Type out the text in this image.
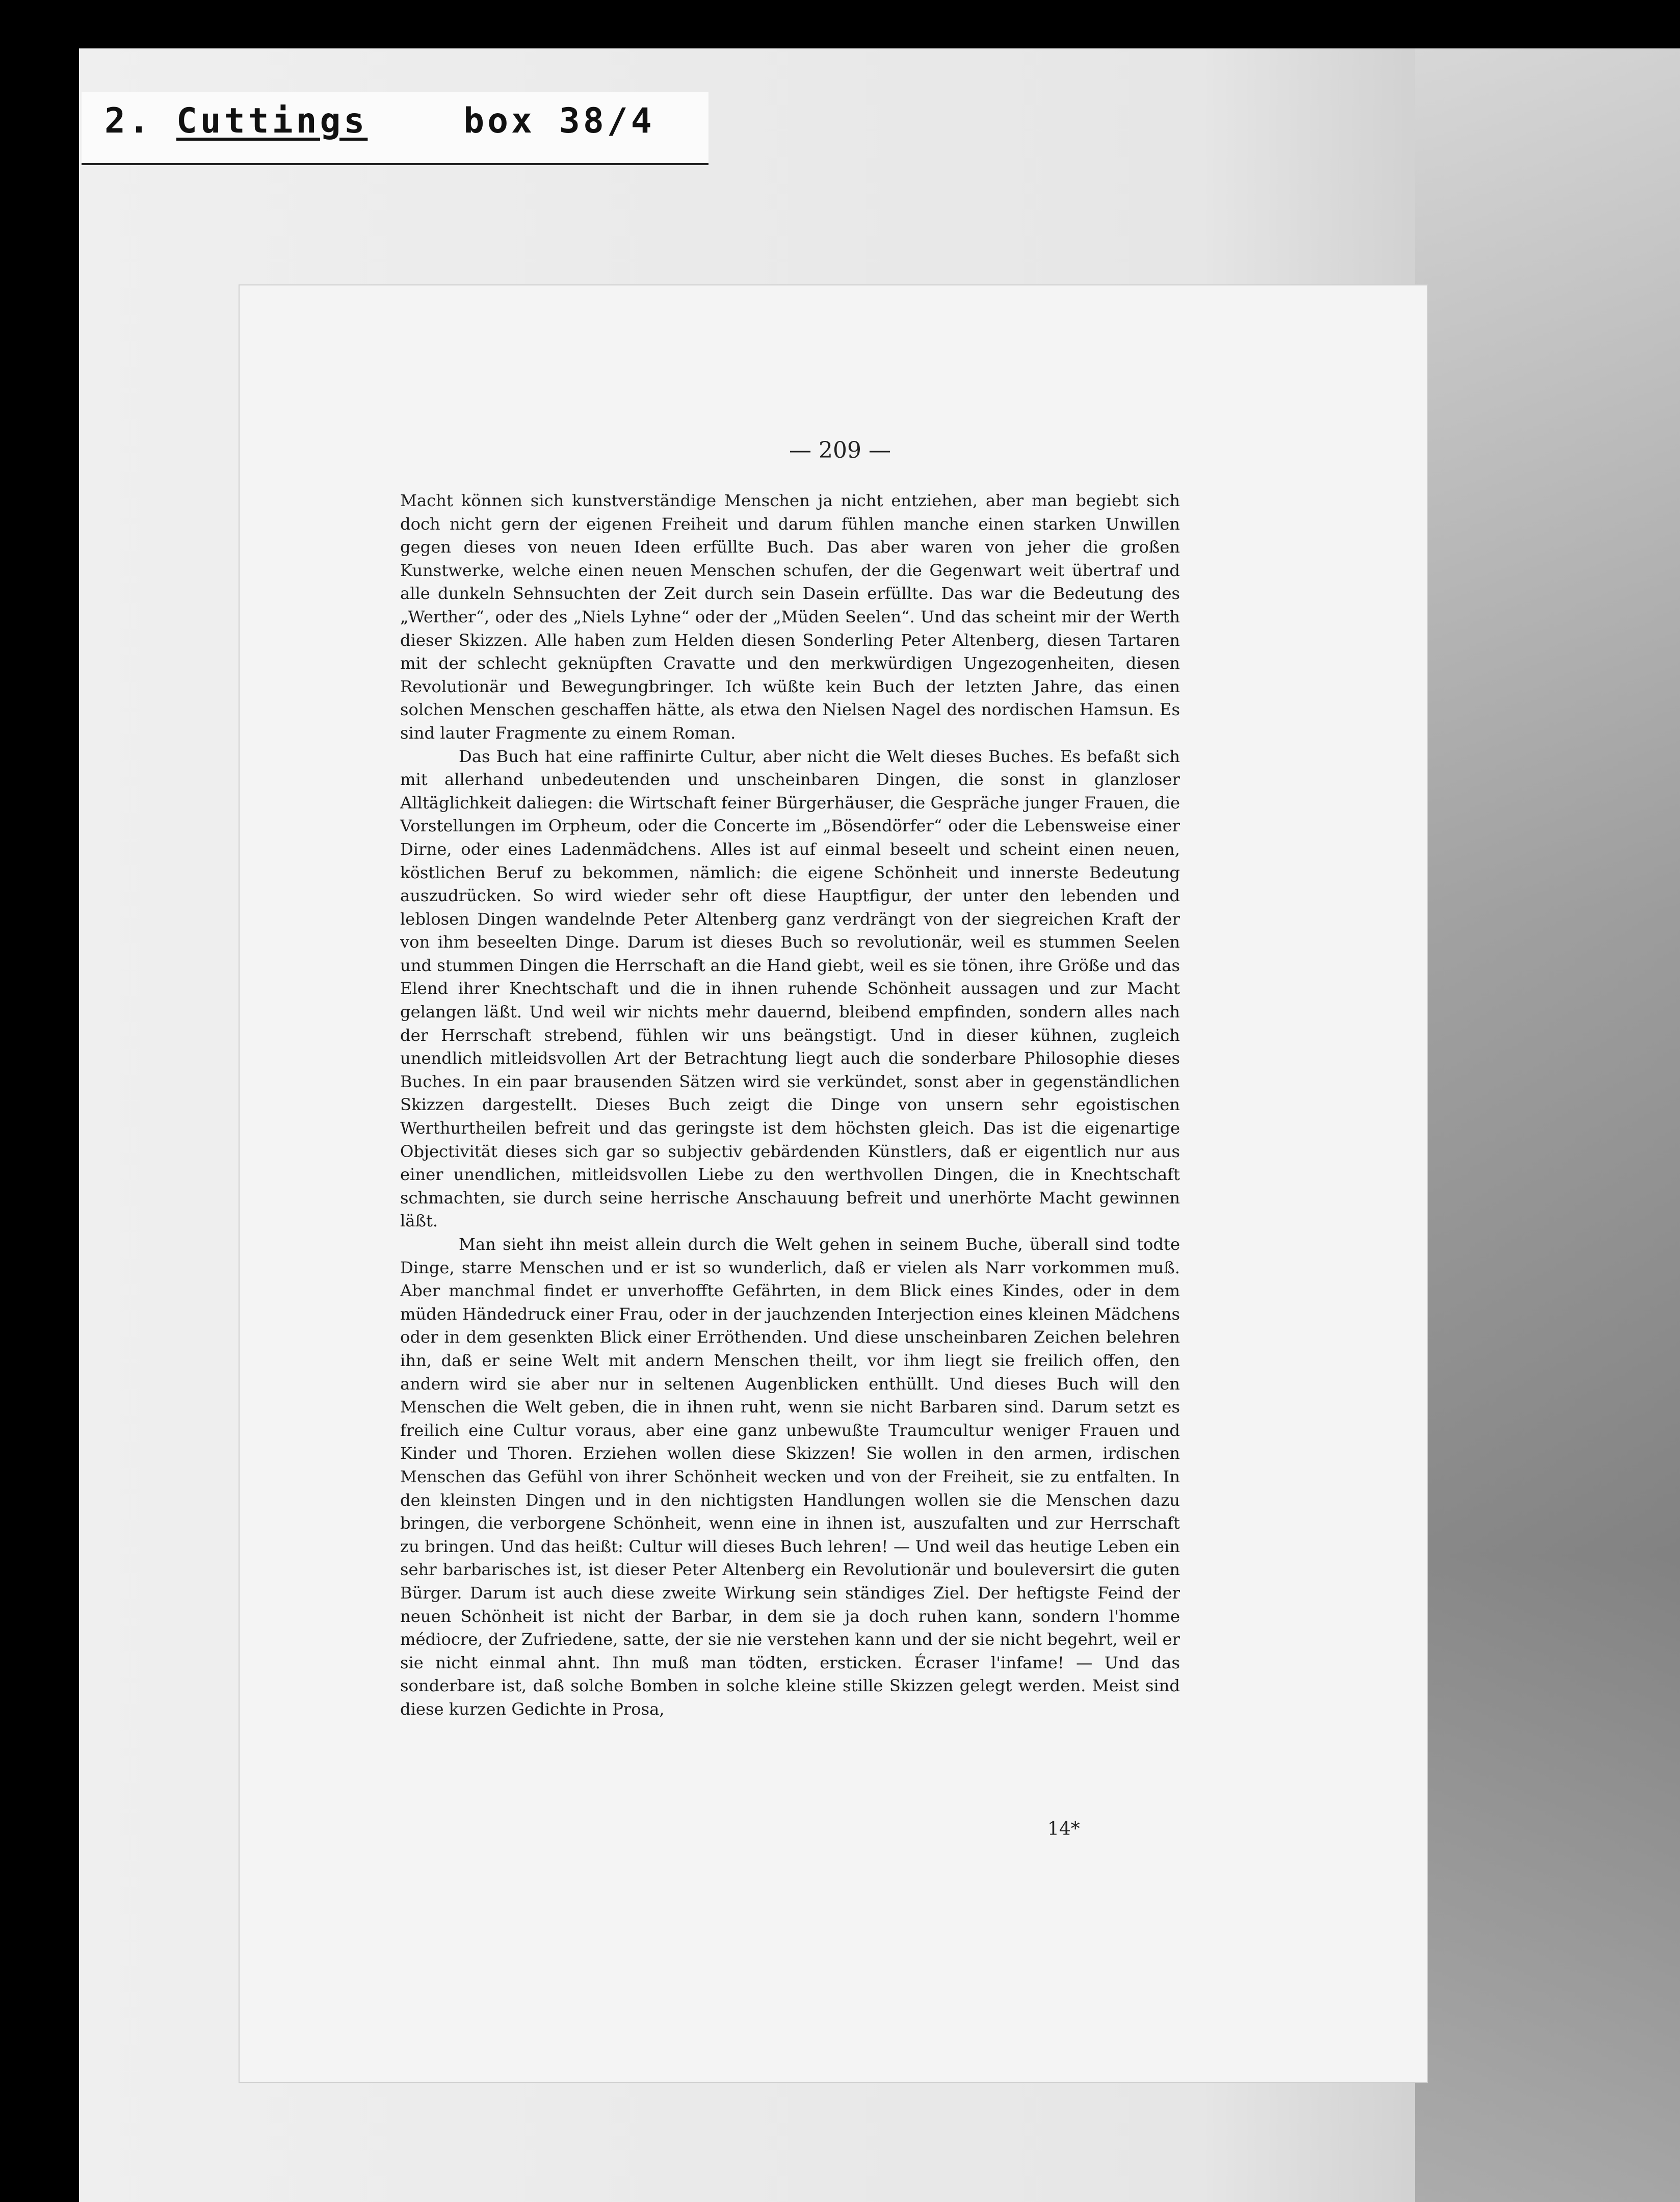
2. Cuttings	box 38/4
— 209 —

Macht können sich kunstverständige Menschen ja nicht entziehen, aber man begiebt sich doch nicht gern der eigenen Freiheit und darum fühlen manche einen starken Unwillen gegen dieses von neuen Ideen erfüllte Buch. Das aber waren von jeher die großen Kunstwerke, welche einen neuen Menschen schufen, der die Gegenwart weit übertraf und alle dunkeln Sehnsuchten der Zeit durch sein Dasein erfüllte. Das war die Bedeutung des „Werther“, oder des „Niels Lyhne“ oder der „Müden Seelen“. Und das scheint mir der Werth dieser Skizzen. Alle haben zum Helden diesen Sonderling Peter Altenberg, diesen Tartaren mit der schlecht geknüpften Cravatte und den merkwürdigen Ungezogenheiten, diesen Revolutionär und Bewegungbringer. Ich wüßte kein Buch der letzten Jahre, das einen solchen Menschen geschaffen hätte, als etwa den Nielsen Nagel des nordischen Hamsun. Es sind lauter Fragmente zu einem Roman.

Das Buch hat eine raffinirte Cultur, aber nicht die Welt dieses Buches. Es befaßt sich mit allerhand unbedeutenden und unscheinbaren Dingen, die sonst in glanzloser Alltäglichkeit daliegen: die Wirtschaft feiner Bürgerhäuser, die Gespräche junger Frauen, die Vorstellungen im Orpheum, oder die Concerte im „Bösendörfer“ oder die Lebensweise einer Dirne, oder eines Ladenmädchens. Alles ist auf einmal beseelt und scheint einen neuen, köstlichen Beruf zu bekommen, nämlich: die eigene Schönheit und innerste Bedeutung auszudrücken. So wird wieder sehr oft diese Hauptfigur, der unter den lebenden und leblosen Dingen wandelnde Peter Altenberg ganz verdrängt von der siegreichen Kraft der von ihm beseelten Dinge. Darum ist dieses Buch so revolutionär, weil es stummen Seelen und stummen Dingen die Herrschaft an die Hand giebt, weil es sie tönen, ihre Größe und das Elend ihrer Knechtschaft und die in ihnen ruhende Schönheit aussagen und zur Macht gelangen läßt. Und weil wir nichts mehr dauernd, bleibend empfinden, sondern alles nach der Herrschaft strebend, fühlen wir uns beängstigt. Und in dieser kühnen, zugleich unendlich mitleidsvollen Art der Betrachtung liegt auch die sonderbare Philosophie dieses Buches. In ein paar brausenden Sätzen wird sie verkündet, sonst aber in gegenständlichen Skizzen dargestellt. Dieses Buch zeigt die Dinge von unsern sehr egoistischen Werthurtheilen befreit und das geringste ist dem höchsten gleich. Das ist die eigenartige Objectivität dieses sich gar so subjectiv gebärdenden Künstlers, daß er eigentlich nur aus einer unendlichen, mitleidsvollen Liebe zu den werthvollen Dingen, die in Knechtschaft schmachten, sie durch seine herrische Anschauung befreit und unerhörte Macht gewinnen läßt.

Man sieht ihn meist allein durch die Welt gehen in seinem Buche, überall sind todte Dinge, starre Menschen und er ist so wunderlich, daß er vielen als Narr vorkommen muß. Aber manchmal findet er unverhoffte Gefährten, in dem Blick eines Kindes, oder in dem müden Händedruck einer Frau, oder in der jauchzenden Interjection eines kleinen Mädchens oder in dem gesenkten Blick einer Erröthenden. Und diese unscheinbaren Zeichen belehren ihn, daß er seine Welt mit andern Menschen theilt, vor ihm liegt sie freilich offen, den andern wird sie aber nur in seltenen Augenblicken enthüllt. Und dieses Buch will den Menschen die Welt geben, die in ihnen ruht, wenn sie nicht Barbaren sind. Darum setzt es freilich eine Cultur voraus, aber eine ganz unbewußte Traumcultur weniger Frauen und Kinder und Thoren. Erziehen wollen diese Skizzen! Sie wollen in den armen, irdischen Menschen das Gefühl von ihrer Schönheit wecken und von der Freiheit, sie zu entfalten. In den kleinsten Dingen und in den nichtigsten Handlungen wollen sie die Menschen dazu bringen, die verborgene Schönheit, wenn eine in ihnen ist, auszufalten und zur Herrschaft zu bringen. Und das heißt: Cultur will dieses Buch lehren! — Und weil das heutige Leben ein sehr barbarisches ist, ist dieser Peter Altenberg ein Revolutionär und bouleversirt die guten Bürger. Darum ist auch diese zweite Wirkung sein ständiges Ziel. Der heftigste Feind der neuen Schönheit ist nicht der Barbar, in dem sie ja doch ruhen kann, sondern l'homme médiocre, der Zufriedene, satte, der sie nie verstehen kann und der sie nicht begehrt, weil er sie nicht einmal ahnt. Ihn muß man tödten, ersticken. Écraser l'infame! — Und das sonderbare ist, daß solche Bomben in solche kleine stille Skizzen gelegt werden. Meist sind diese kurzen Gedichte in Prosa,

14*
